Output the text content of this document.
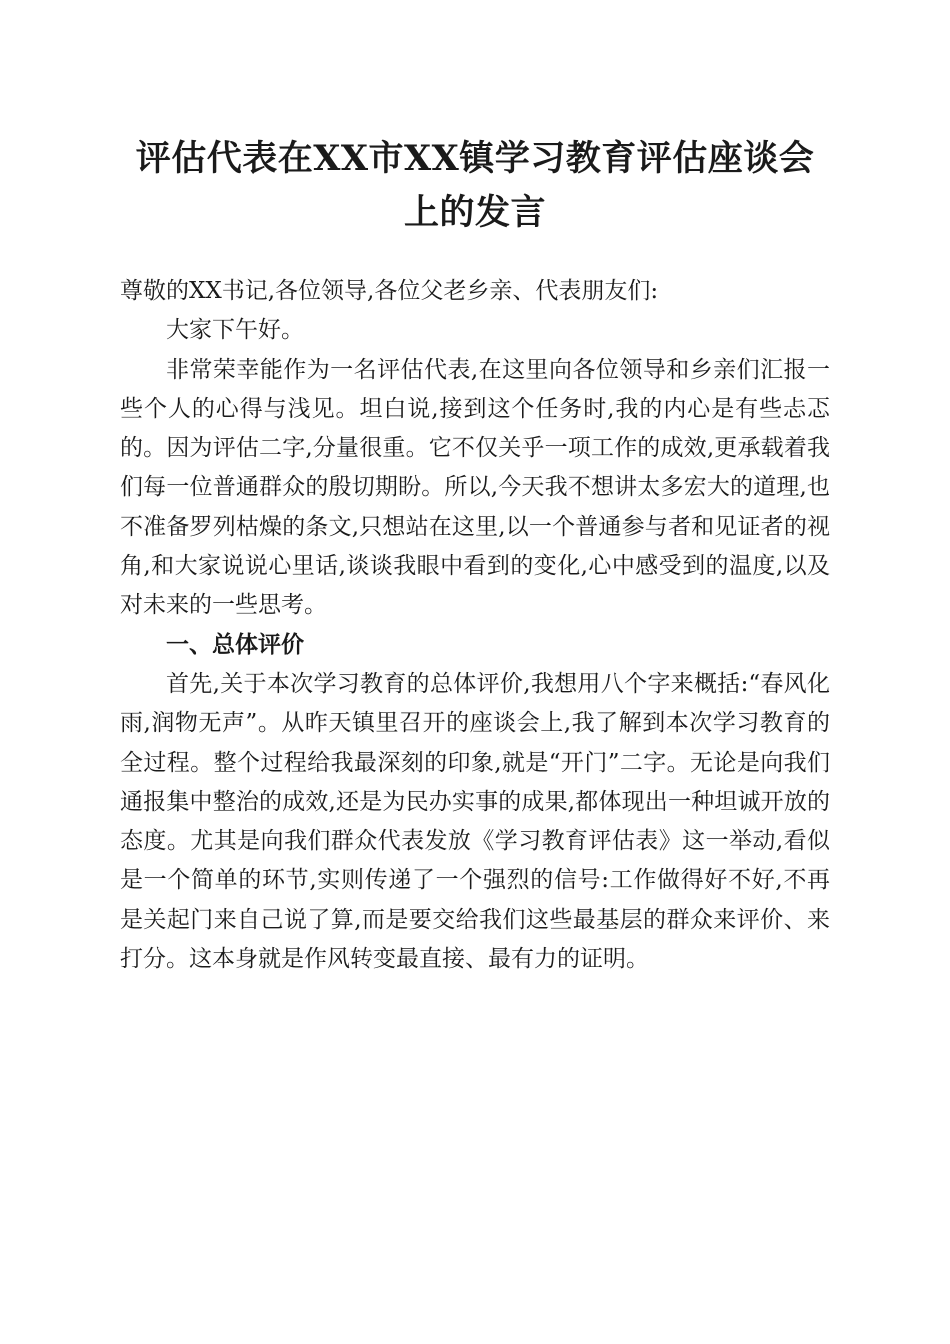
评估代表在XX市XX镇学习教育评估座谈会
上的发言

尊敬的XX书记,各位领导,各位父老乡亲、代表朋友们:

大家下午好。

非常荣幸能作为一名评估代表,在这里向各位领导和乡亲们汇报一些个人的心得与浅见。坦白说,接到这个任务时,我的内心是有些忐忑的。因为评估二字,分量很重。它不仅关乎一项工作的成效,更承载着我们每一位普通群众的殷切期盼。所以,今天我不想讲太多宏大的道理,也不准备罗列枯燥的条文,只想站在这里,以一个普通参与者和见证者的视角,和大家说说心里话,谈谈我眼中看到的变化,心中感受到的温度,以及对未来的一些思考。

一、总体评价

首先,关于本次学习教育的总体评价,我想用八个字来概括:“春风化雨,润物无声”。从昨天镇里召开的座谈会上,我了解到本次学习教育的全过程。整个过程给我最深刻的印象,就是“开门”二字。无论是向我们通报集中整治的成效,还是为民办实事的成果,都体现出一种坦诚开放的态度。尤其是向我们群众代表发放《学习教育评估表》这一举动,看似是一个简单的环节,实则传递了一个强烈的信号:工作做得好不好,不再是关起门来自己说了算,而是要交给我们这些最基层的群众来评价、来打分。这本身就是作风转变最直接、最有力的证明。
